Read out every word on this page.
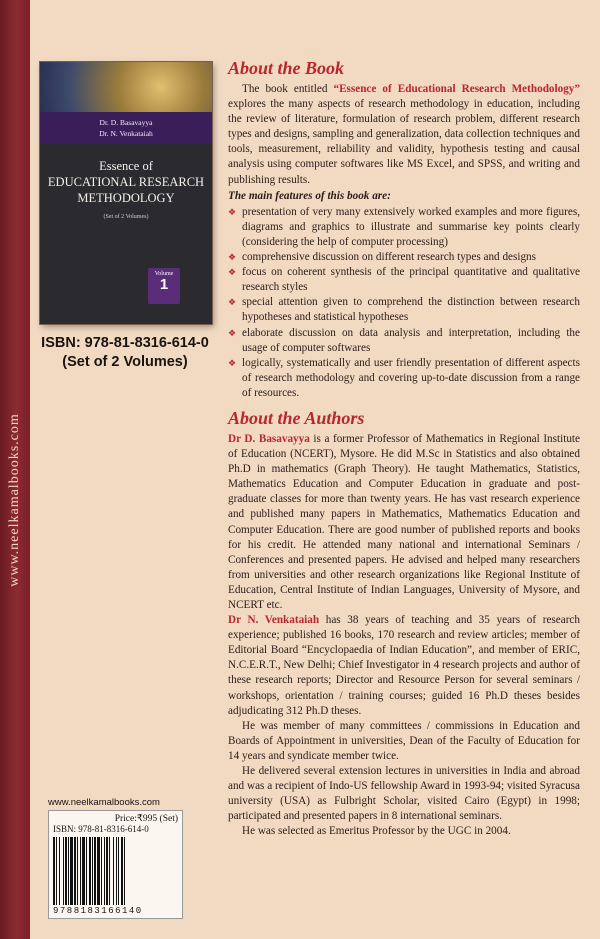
www.neelkamalbooks.com
Dr. D. Basavayya
Dr. N. Venkataiah
Essence of
EDUCATIONAL RESEARCH
METHODOLOGY
(Set of 2 Volumes)
Volume
1
ISBN: 978-81-8316-614-0
(Set of 2 Volumes)
About the Book

The book entitled “Essence of Educational Research Methodology” explores the many aspects of research methodology in education, including the review of literature, formulation of research problem, different research types and designs, sampling and generalization, data collection techniques and tools, measurement, reliability and validity, hypothesis testing and causal analysis using computer softwares like MS Excel, and SPSS, and writing and publishing results.

The main features of this book are:
❖ presentation of very many extensively worked examples and more figures, diagrams and graphics to illustrate and summarise key points clearly (considering the help of computer processing)
❖ comprehensive discussion on different research types and designs
❖ focus on coherent synthesis of the principal quantitative and qualitative research styles
❖ special attention given to comprehend the distinction between research hypotheses and statistical hypotheses
❖ elaborate discussion on data analysis and interpretation, including the usage of computer softwares
❖ logically, systematically and user friendly presentation of different aspects of research methodology and covering up-to-date discussion from a range of resources.
About the Authors

Dr D. Basavayya is a former Professor of Mathematics in Regional Institute of Education (NCERT), Mysore. He did M.Sc in Statistics and also obtained Ph.D in mathematics (Graph Theory). He taught Mathematics, Statistics, Mathematics Education and Computer Education in graduate and post-graduate classes for more than twenty years. He has vast research experience and published many papers in Mathematics, Mathematics Education and Computer Education. There are good number of published reports and books for his credit. He attended many national and international Seminars / Conferences and presented papers. He advised and helped many researchers from universities and other research organizations like Regional Institute of Education, Central Institute of Indian Languages, University of Mysore, and NCERT etc.

Dr N. Venkataiah has 38 years of teaching and 35 years of research experience; published 16 books, 170 research and review articles; member of Editorial Board “Encyclopaedia of Indian Education”, and member of ERIC, N.C.E.R.T., New Delhi; Chief Investigator in 4 research projects and author of these research reports; Director and Resource Person for several seminars / workshops, orientation / training courses; guided 16 Ph.D theses besides adjudicating 312 Ph.D theses.

He was member of many committees / commissions in Education and Boards of Appointment in universities, Dean of the Faculty of Education for 14 years and syndicate member twice.

He delivered several extension lectures in universities in India and abroad and was a recipient of Indo-US fellowship Award in 1993-94; visited Syracusa university (USA) as Fulbright Scholar, visited Cairo (Egypt) in 1998; participated and presented papers in 8 international seminars.

He was selected as Emeritus Professor by the UGC in 2004.

www.neelkamalbooks.com
Price:₹995 (Set)
ISBN: 978-81-8316-614-0
9788183166140
